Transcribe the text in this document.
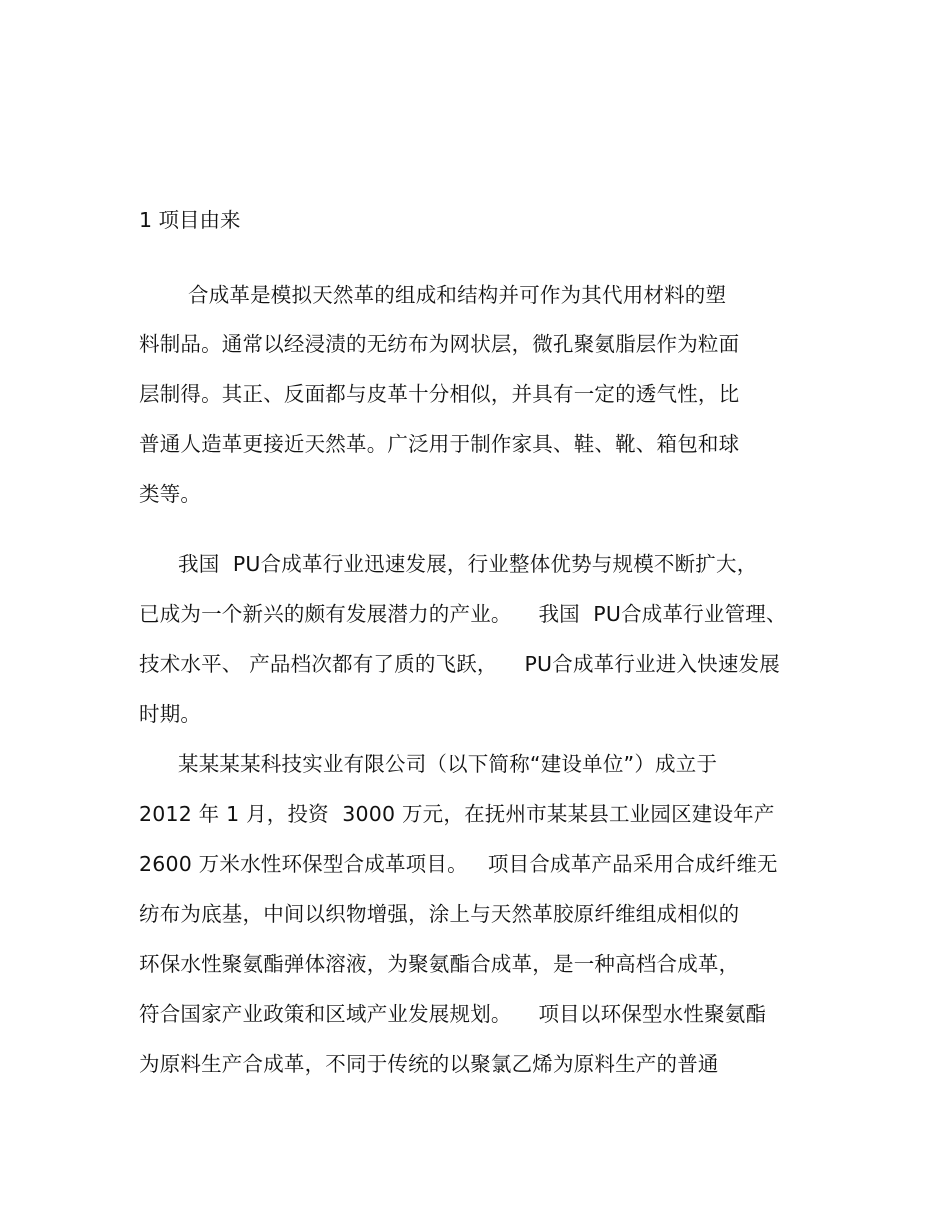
1 项目由来
合成革是模拟天然革的组成和结构并可作为其代用材料的塑
料制品。通常以经浸渍的无纺布为网状层，微孔聚氨脂层作为粒面
层制得。其正、反面都与皮革十分相似，并具有一定的透气性，比
普通人造革更接近天然革。广泛用于制作家具、鞋、靴、箱包和球
类等。
我国  PU合成革行业迅速发展，行业整体优势与规模不断扩大，
已成为一个新兴的颇有发展潜力的产业。    我国  PU合成革行业管理、
技术水平、 产品档次都有了质的飞跃，    PU合成革行业进入快速发展
时期。
某某某某科技实业有限公司（以下简称“建设单位”）成立于
2012 年 1 月，投资  3000 万元，在抚州市某某县工业园区建设年产
2600 万米水性环保型合成革项目。   项目合成革产品采用合成纤维无
纺布为底基，中间以织物增强，涂上与天然革胶原纤维组成相似的
环保水性聚氨酯弹体溶液，为聚氨酯合成革，是一种高档合成革，
符合国家产业政策和区域产业发展规划。    项目以环保型水性聚氨酯
为原料生产合成革，不同于传统的以聚氯乙烯为原料生产的普通
